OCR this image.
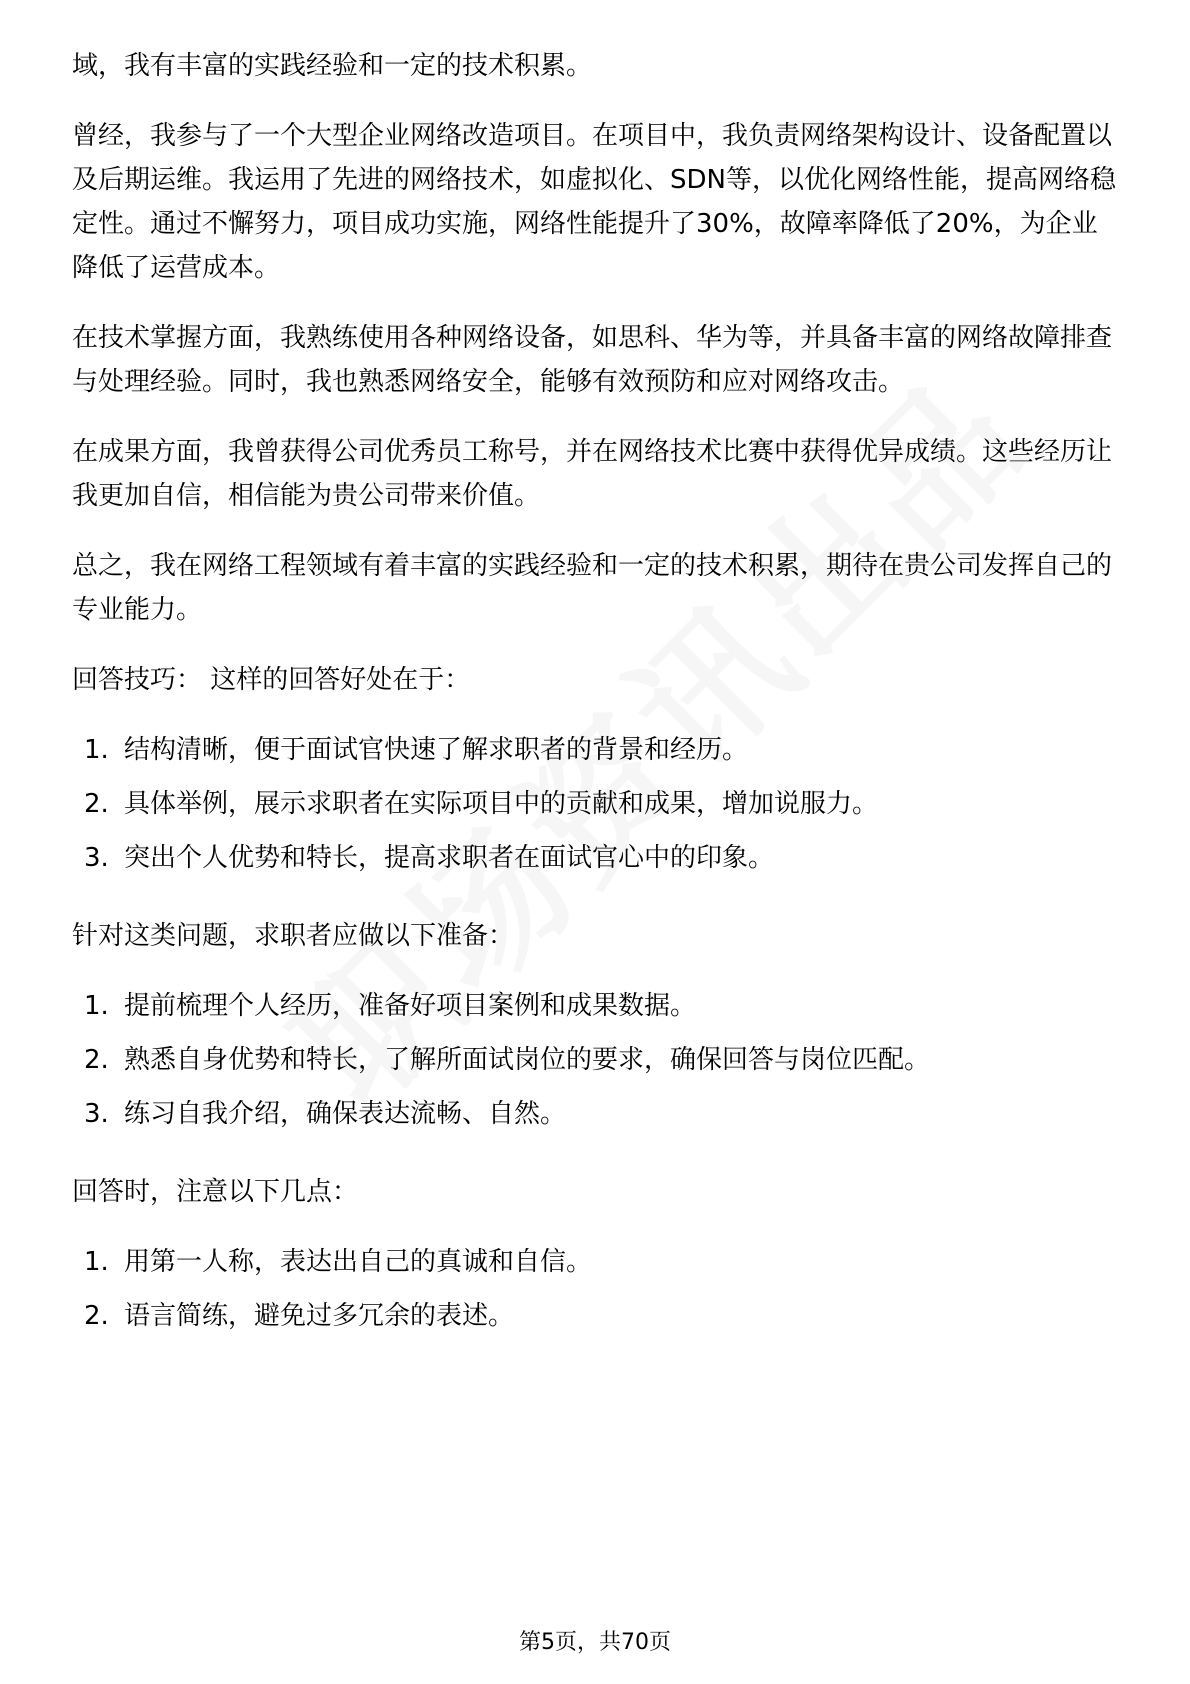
域，我有丰富的实践经验和一定的技术积累。

曾经，我参与了一个大型企业网络改造项目。在项目中，我负责网络架构设计、设备配置以及后期运维。我运用了先进的网络技术，如虚拟化、SDN等，以优化网络性能，提高网络稳定性。通过不懈努力，项目成功实施，网络性能提升了30%，故障率降低了20%，为企业降低了运营成本。

在技术掌握方面，我熟练使用各种网络设备，如思科、华为等，并具备丰富的网络故障排查与处理经验。同时，我也熟悉网络安全，能够有效预防和应对网络攻击。

在成果方面，我曾获得公司优秀员工称号，并在网络技术比赛中获得优异成绩。这些经历让我更加自信，相信能为贵公司带来价值。

总之，我在网络工程领域有着丰富的实践经验和一定的技术积累，期待在贵公司发挥自己的专业能力。

回答技巧： 这样的回答好处在于：

1. 结构清晰，便于面试官快速了解求职者的背景和经历。
2. 具体举例，展示求职者在实际项目中的贡献和成果，增加说服力。
3. 突出个人优势和特长，提高求职者在面试官心中的印象。

针对这类问题，求职者应做以下准备：

1. 提前梳理个人经历，准备好项目案例和成果数据。
2. 熟悉自身优势和特长，了解所面试岗位的要求，确保回答与岗位匹配。
3. 练习自我介绍，确保表达流畅、自然。

回答时，注意以下几点：

1. 用第一人称，表达出自己的真诚和自信。
2. 语言简练，避免过多冗余的表述。
第5页，共70页
